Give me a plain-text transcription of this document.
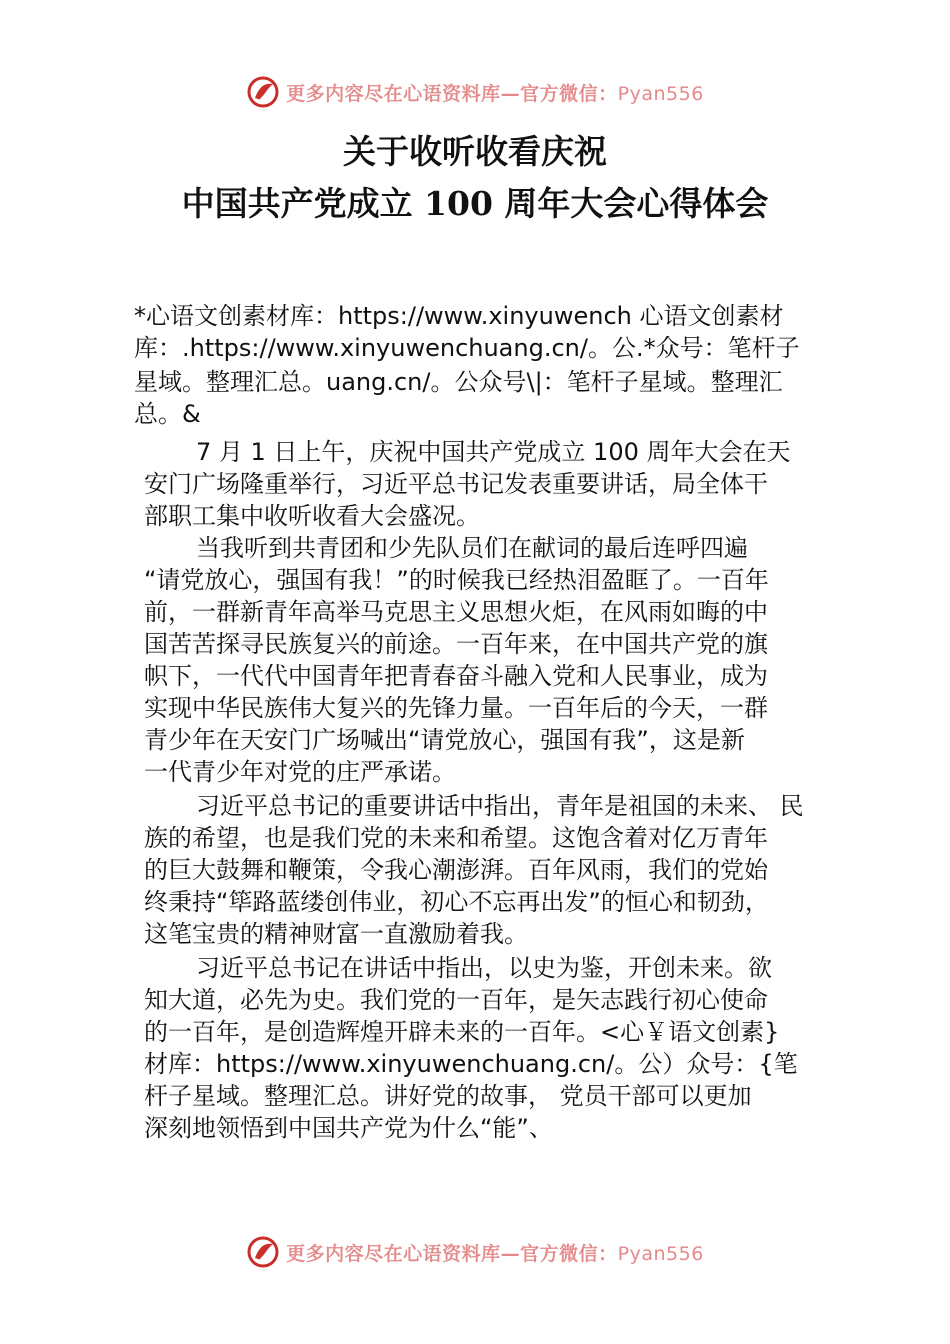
更多内容尽在心语资料库—官方微信：Pyan556
关于收听收看庆祝
中国共产党成立 100 周年大会心得体会
*心语文创素材库：https://www.xinyuwench 心语文创素材
库：.https://www.xinyuwenchuang.cn/。公.*众号：笔杆子
星域。整理汇总。uang.cn/。公众号\|：笔杆子星域。整理汇
总。&
7 月 1 日上午，庆祝中国共产党成立 100 周年大会在天
安门广场隆重举行，习近平总书记发表重要讲话，局全体干
部职工集中收听收看大会盛况。
当我听到共青团和少先队员们在献词的最后连呼四遍
“请党放心，强国有我！”的时候我已经热泪盈眶了。一百年
前，一群新青年高举马克思主义思想火炬，在风雨如晦的中
国苦苦探寻民族复兴的前途。一百年来，在中国共产党的旗
帜下，一代代中国青年把青春奋斗融入党和人民事业，成为
实现中华民族伟大复兴的先锋力量。一百年后的今天，一群
青少年在天安门广场喊出“请党放心，强国有我”，这是新
一代青少年对党的庄严承诺。
习近平总书记的重要讲话中指出，青年是祖国的未来、 民
族的希望，也是我们党的未来和希望。这饱含着对亿万青年
的巨大鼓舞和鞭策，令我心潮澎湃。百年风雨，我们的党始
终秉持“筚路蓝缕创伟业，初心不忘再出发”的恒心和韧劲，
这笔宝贵的精神财富一直激励着我。
习近平总书记在讲话中指出，以史为鉴，开创未来。欲
知大道，必先为史。我们党的一百年，是矢志践行初心使命
的一百年，是创造辉煌开辟未来的一百年。<心￥语文创素}
材库：https://www.xinyuwenchuang.cn/。公）众号：{笔
杆子星域。整理汇总。讲好党的故事， 党员干部可以更加
深刻地领悟到中国共产党为什么“能”、
更多内容尽在心语资料库—官方微信：Pyan556
